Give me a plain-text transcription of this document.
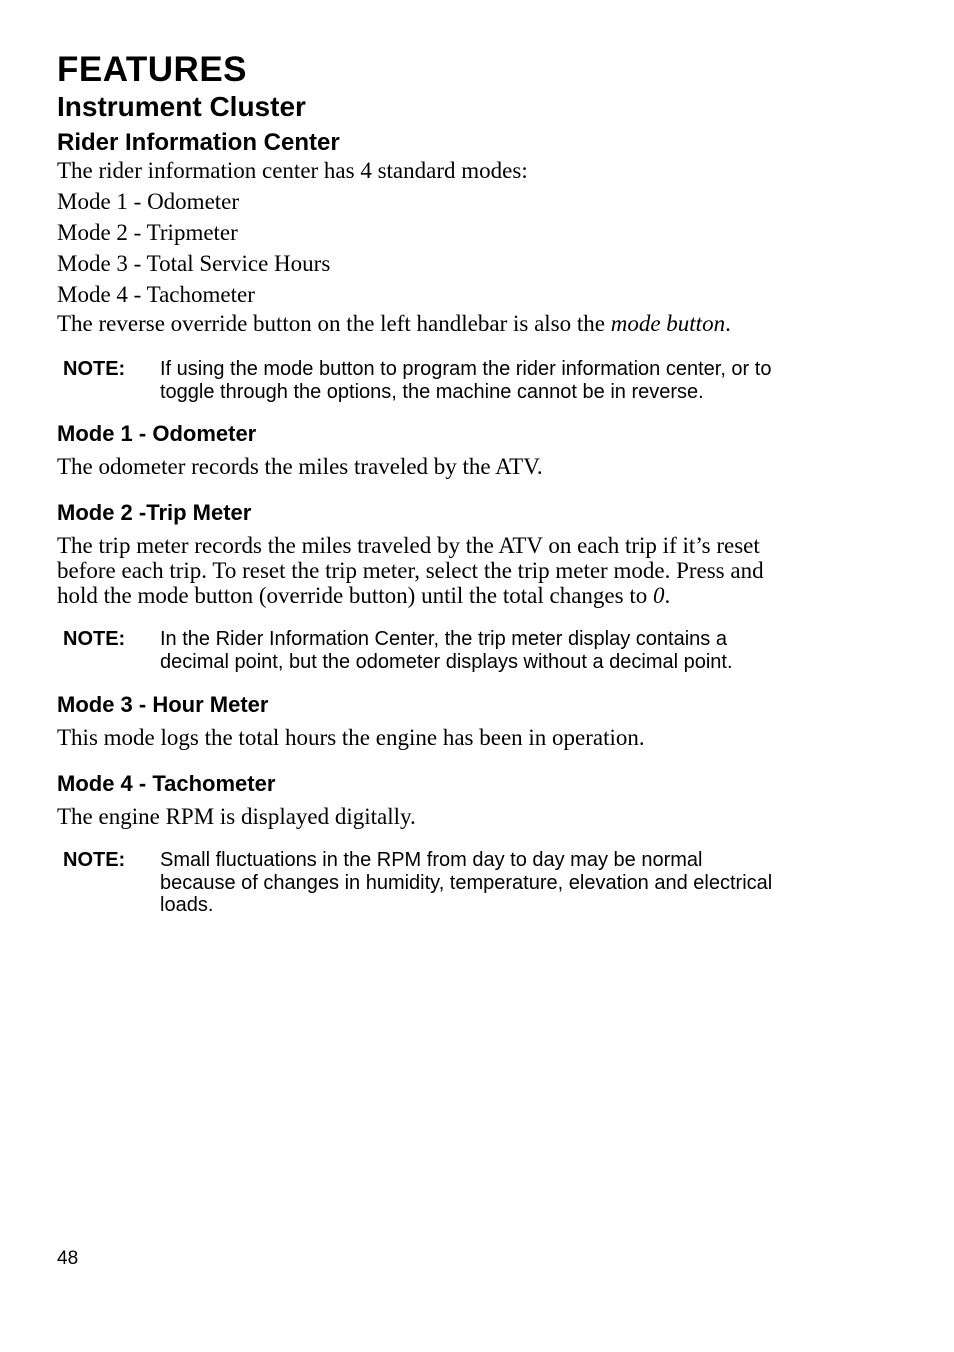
FEATURES
Instrument Cluster
Rider Information Center

The rider information center has 4 standard modes:

Mode 1 - Odometer
Mode 2 - Tripmeter
Mode 3 - Total Service Hours
Mode 4 - Tachometer

The reverse override button on the left handlebar is also the mode button.

NOTE:	If using the mode button to program the rider information center, or to toggle through the options, the machine cannot be in reverse.
Mode 1 - Odometer

The odometer records the miles traveled by the ATV.

Mode 2 -Trip Meter

The trip meter records the miles traveled by the ATV on each trip if it’s reset before each trip. To reset the trip meter, select the trip meter mode. Press and hold the mode button (override button) until the total changes to 0.

NOTE:	In the Rider Information Center, the trip meter display contains a decimal point, but the odometer displays without a decimal point.
Mode 3 - Hour Meter

This mode logs the total hours the engine has been in operation.

Mode 4 - Tachometer

The engine RPM is displayed digitally.

NOTE:	Small fluctuations in the RPM from day to day may be normal because of changes in humidity, temperature, elevation and electrical loads.
48
